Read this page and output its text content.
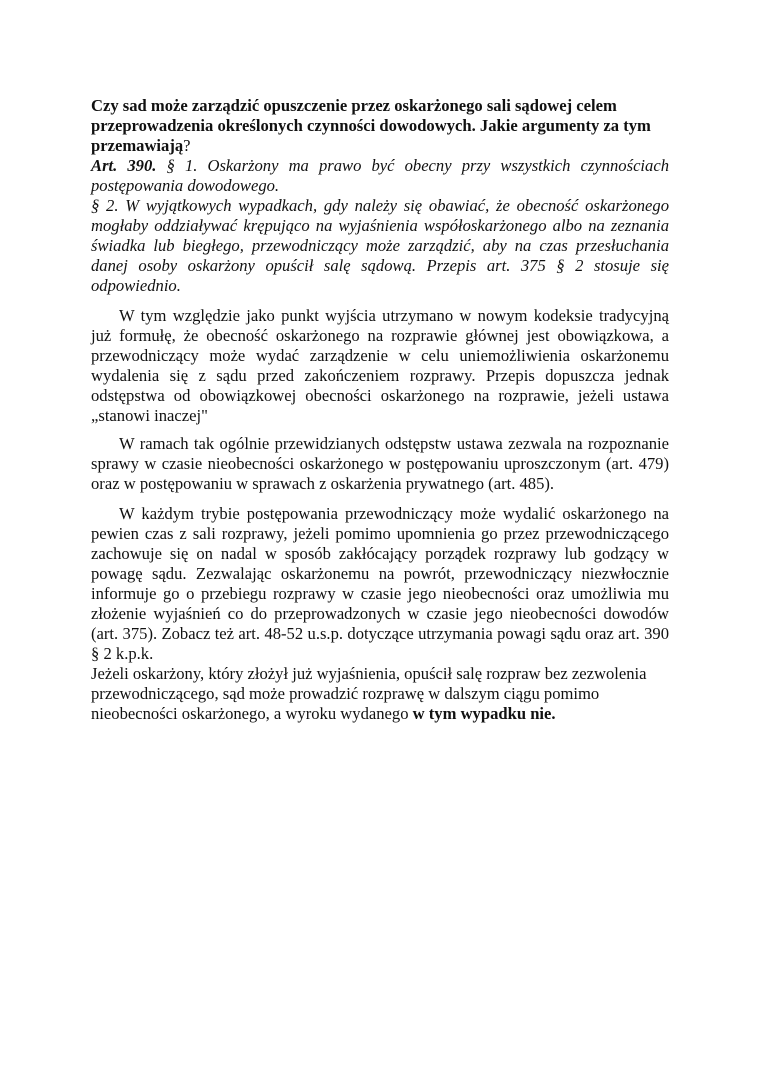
Czy sad może zarządzić opuszczenie przez oskarżonego sali sądowej celem przeprowadzenia określonych czynności dowodowych. Jakie argumenty za tym przemawiają?

Art. 390. § 1. Oskarżony ma prawo być obecny przy wszystkich czynnościach postępowania dowodowego.

§ 2. W wyjątkowych wypadkach, gdy należy się obawiać, że obecność oskarżonego mogłaby oddziaływać krępująco na wyjaśnienia współoskarżonego albo na zeznania świadka lub biegłego, przewodniczący może zarządzić, aby na czas przesłuchania danej osoby oskarżony opuścił salę sądową. Przepis art. 375 § 2 stosuje się odpowiednio.

W tym względzie jako punkt wyjścia utrzymano w nowym kodeksie tradycyjną już formułę, że obecność oskarżonego na rozprawie głównej jest obowiązkowa, a przewodniczący może wydać zarządzenie w celu uniemożliwienia oskarżonemu wydalenia się z sądu przed zakończeniem rozprawy. Przepis dopuszcza jednak odstępstwa od obowiązkowej obecności oskarżonego na rozprawie, jeżeli ustawa „stanowi inaczej"

W ramach tak ogólnie przewidzianych odstępstw ustawa zezwala na rozpoznanie sprawy w czasie nieobecności oskarżonego w postępowaniu uproszczonym (art. 479) oraz w postępowaniu w sprawach z oskarżenia prywatnego (art. 485).

W każdym trybie postępowania przewodniczący może wydalić oskarżonego na pewien czas z sali rozprawy, jeżeli pomimo upomnienia go przez przewodniczącego zachowuje się on nadal w sposób zakłócający porządek rozprawy lub godzący w powagę sądu. Zezwalając oskarżonemu na powrót, przewodniczący niezwłocznie informuje go o przebiegu rozprawy w czasie jego nieobecności oraz umożliwia mu złożenie wyjaśnień co do przeprowadzonych w czasie jego nieobecności dowodów (art. 375). Zobacz też art. 48-52 u.s.p. dotyczące utrzymania powagi sądu oraz art. 390 § 2 k.p.k.

Jeżeli oskarżony, który złożył już wyjaśnienia, opuścił salę rozpraw bez zezwolenia przewodniczącego, sąd może prowadzić rozprawę w dalszym ciągu pomimo nieobecności oskarżonego, a wyroku wydanego w tym wypadku nie.
